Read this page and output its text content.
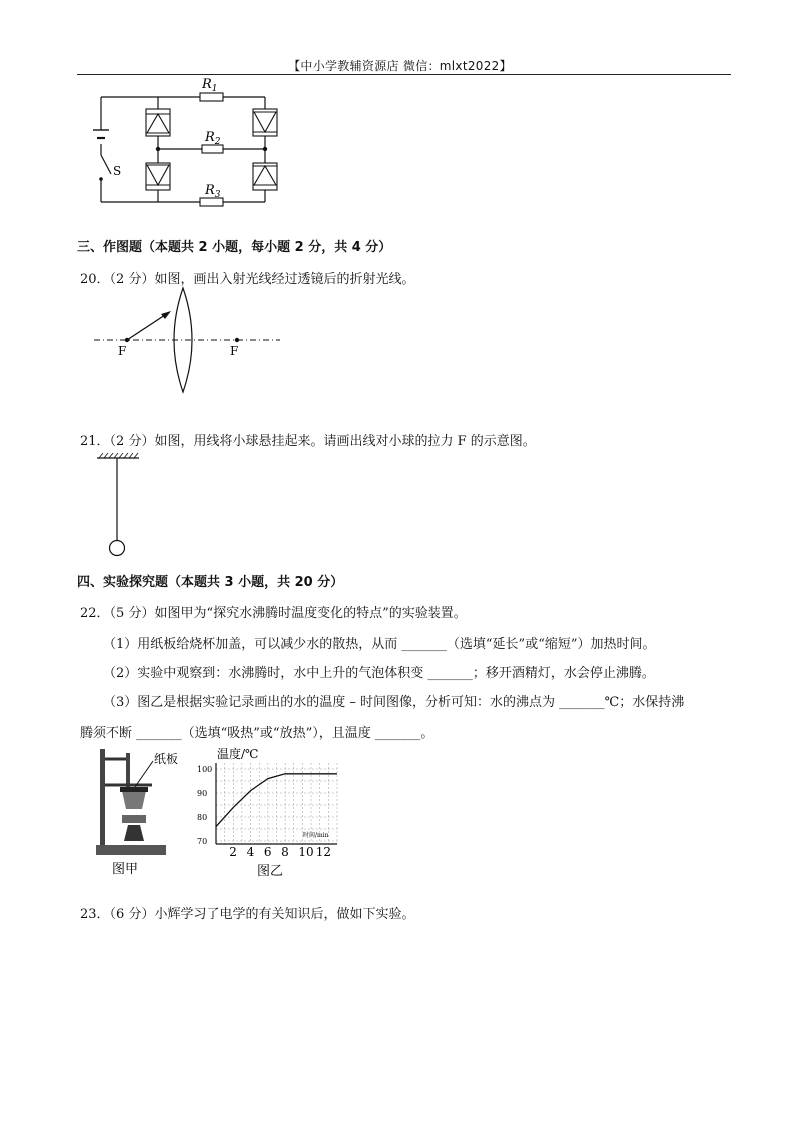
【中小学教辅资源店 微信：mlxt2022】
$R_1$
$R_2$
$R_3$
S
三、作图题（本题共 2 小题，每小题 2 分，共 4 分）
20．（2 分）如图，画出入射光线经过透镜后的折射光线。
F	F
21．（2 分）如图，用线将小球悬挂起来。请画出线对小球的拉力 F 的示意图。
四、实验探究题（本题共 3 小题，共 20 分）
22．（5 分）如图甲为“探究水沸腾时温度变化的特点”的实验装置。
（1）用纸板给烧杯加盖，可以减少水的散热，从而 _______（选填“延长”或“缩短”）加热时间。
（2）实验中观察到：水沸腾时，水中上升的气泡体积变 _______；移开酒精灯，水会停止沸腾。
（3）图乙是根据实验记录画出的水的温度 – 时间图像，分析可知：水的沸点为 _______℃；水保持沸
腾须不断 _______（选填“吸热”或“放热”），且温度 _______。
纸板
图甲
温度/℃
时间/min
100
90
80
70
2 4 6 8 10 12
图乙
23．（6 分）小辉学习了电学的有关知识后，做如下实验。
